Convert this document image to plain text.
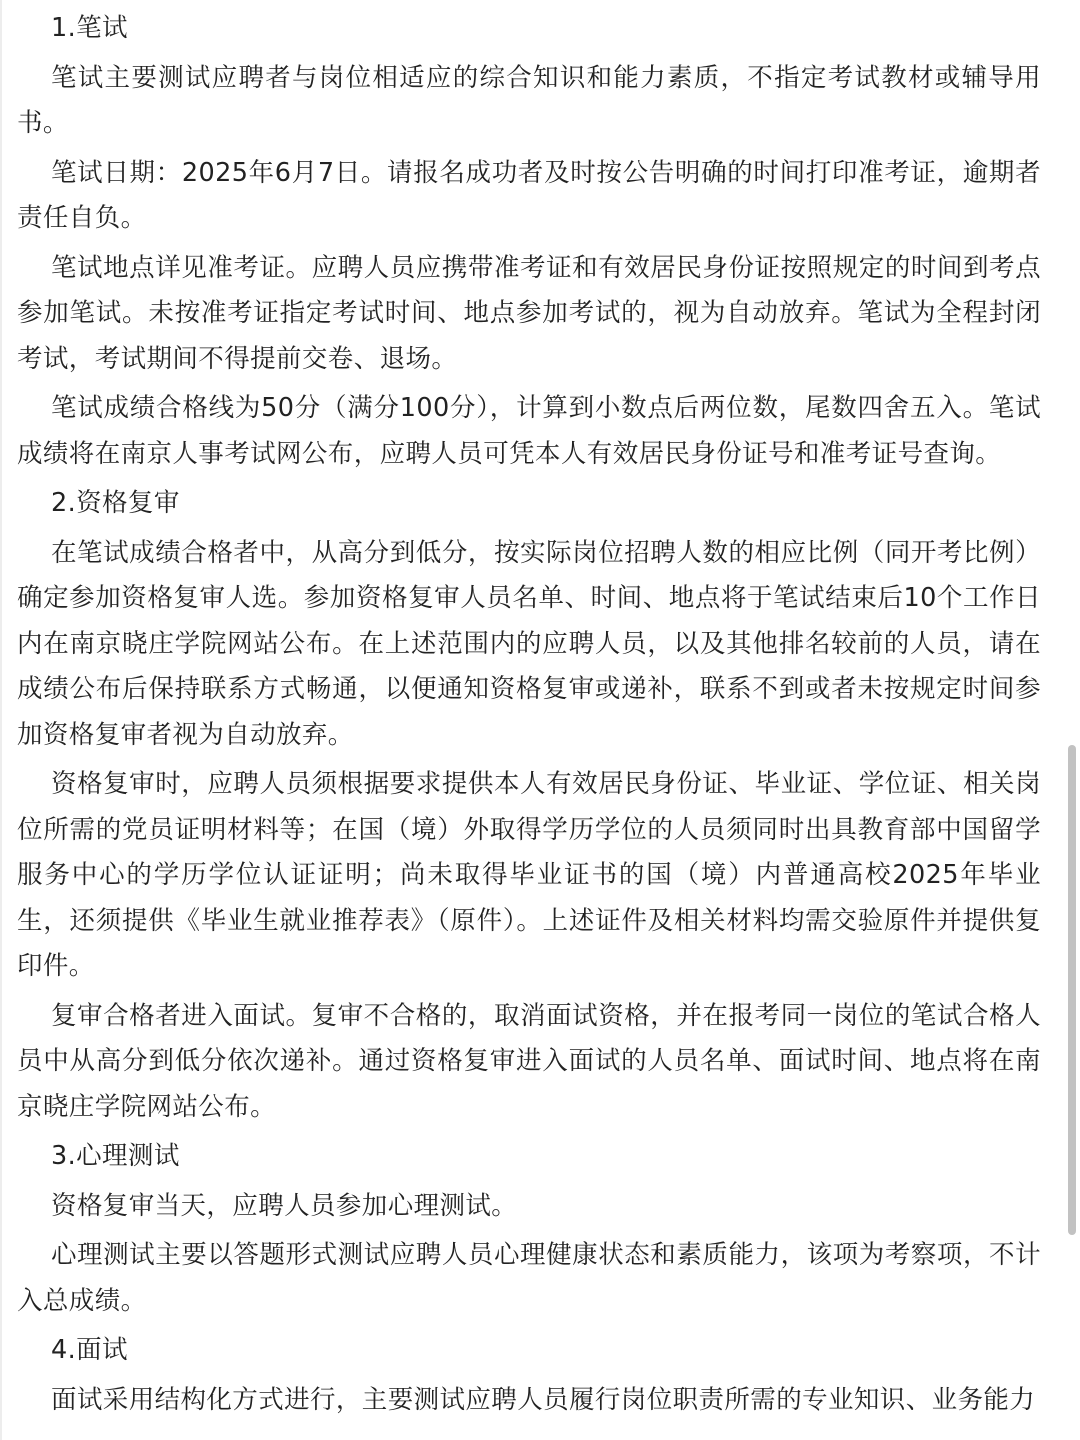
1.笔试

笔试主要测试应聘者与岗位相适应的综合知识和能力素质，不指定考试教材或辅导用书。

笔试日期：2025年6月7日。请报名成功者及时按公告明确的时间打印准考证，逾期者责任自负。

笔试地点详见准考证。应聘人员应携带准考证和有效居民身份证按照规定的时间到考点参加笔试。未按准考证指定考试时间、地点参加考试的，视为自动放弃。笔试为全程封闭考试，考试期间不得提前交卷、退场。

笔试成绩合格线为50分（满分100分），计算到小数点后两位数，尾数四舍五入。笔试成绩将在南京人事考试网公布，应聘人员可凭本人有效居民身份证号和准考证号查询。

2.资格复审

在笔试成绩合格者中，从高分到低分，按实际岗位招聘人数的相应比例（同开考比例）确定参加资格复审人选。参加资格复审人员名单、时间、地点将于笔试结束后10个工作日内在南京晓庄学院网站公布。在上述范围内的应聘人员，以及其他排名较前的人员，请在成绩公布后保持联系方式畅通，以便通知资格复审或递补，联系不到或者未按规定时间参加资格复审者视为自动放弃。

资格复审时，应聘人员须根据要求提供本人有效居民身份证、毕业证、学位证、相关岗位所需的党员证明材料等；在国（境）外取得学历学位的人员须同时出具教育部中国留学服务中心的学历学位认证证明；尚未取得毕业证书的国（境）内普通高校2025年毕业生，还须提供《毕业生就业推荐表》（原件）。上述证件及相关材料均需交验原件并提供复印件。

复审合格者进入面试。复审不合格的，取消面试资格，并在报考同一岗位的笔试合格人员中从高分到低分依次递补。通过资格复审进入面试的人员名单、面试时间、地点将在南京晓庄学院网站公布。

3.心理测试

资格复审当天，应聘人员参加心理测试。

心理测试主要以答题形式测试应聘人员心理健康状态和素质能力，该项为考察项，不计入总成绩。

4.面试

面试采用结构化方式进行，主要测试应聘人员履行岗位职责所需的专业知识、业务能力
